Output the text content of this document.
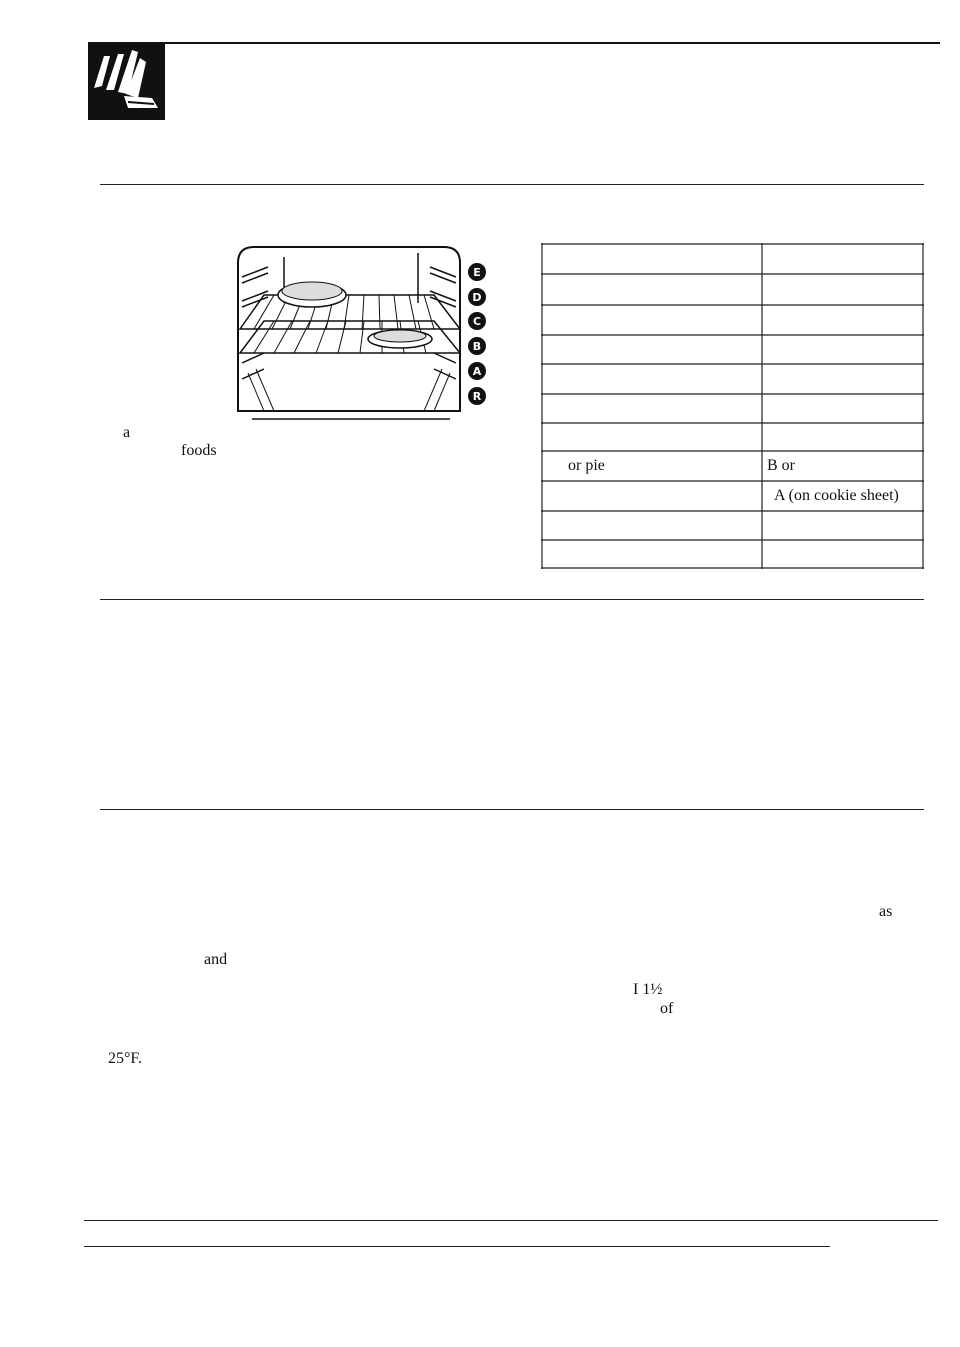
E
D
C
B
A
R
a
foods
or pie	B or
A (on cookie sheet)
as
and
I 1½
of
25°F.
